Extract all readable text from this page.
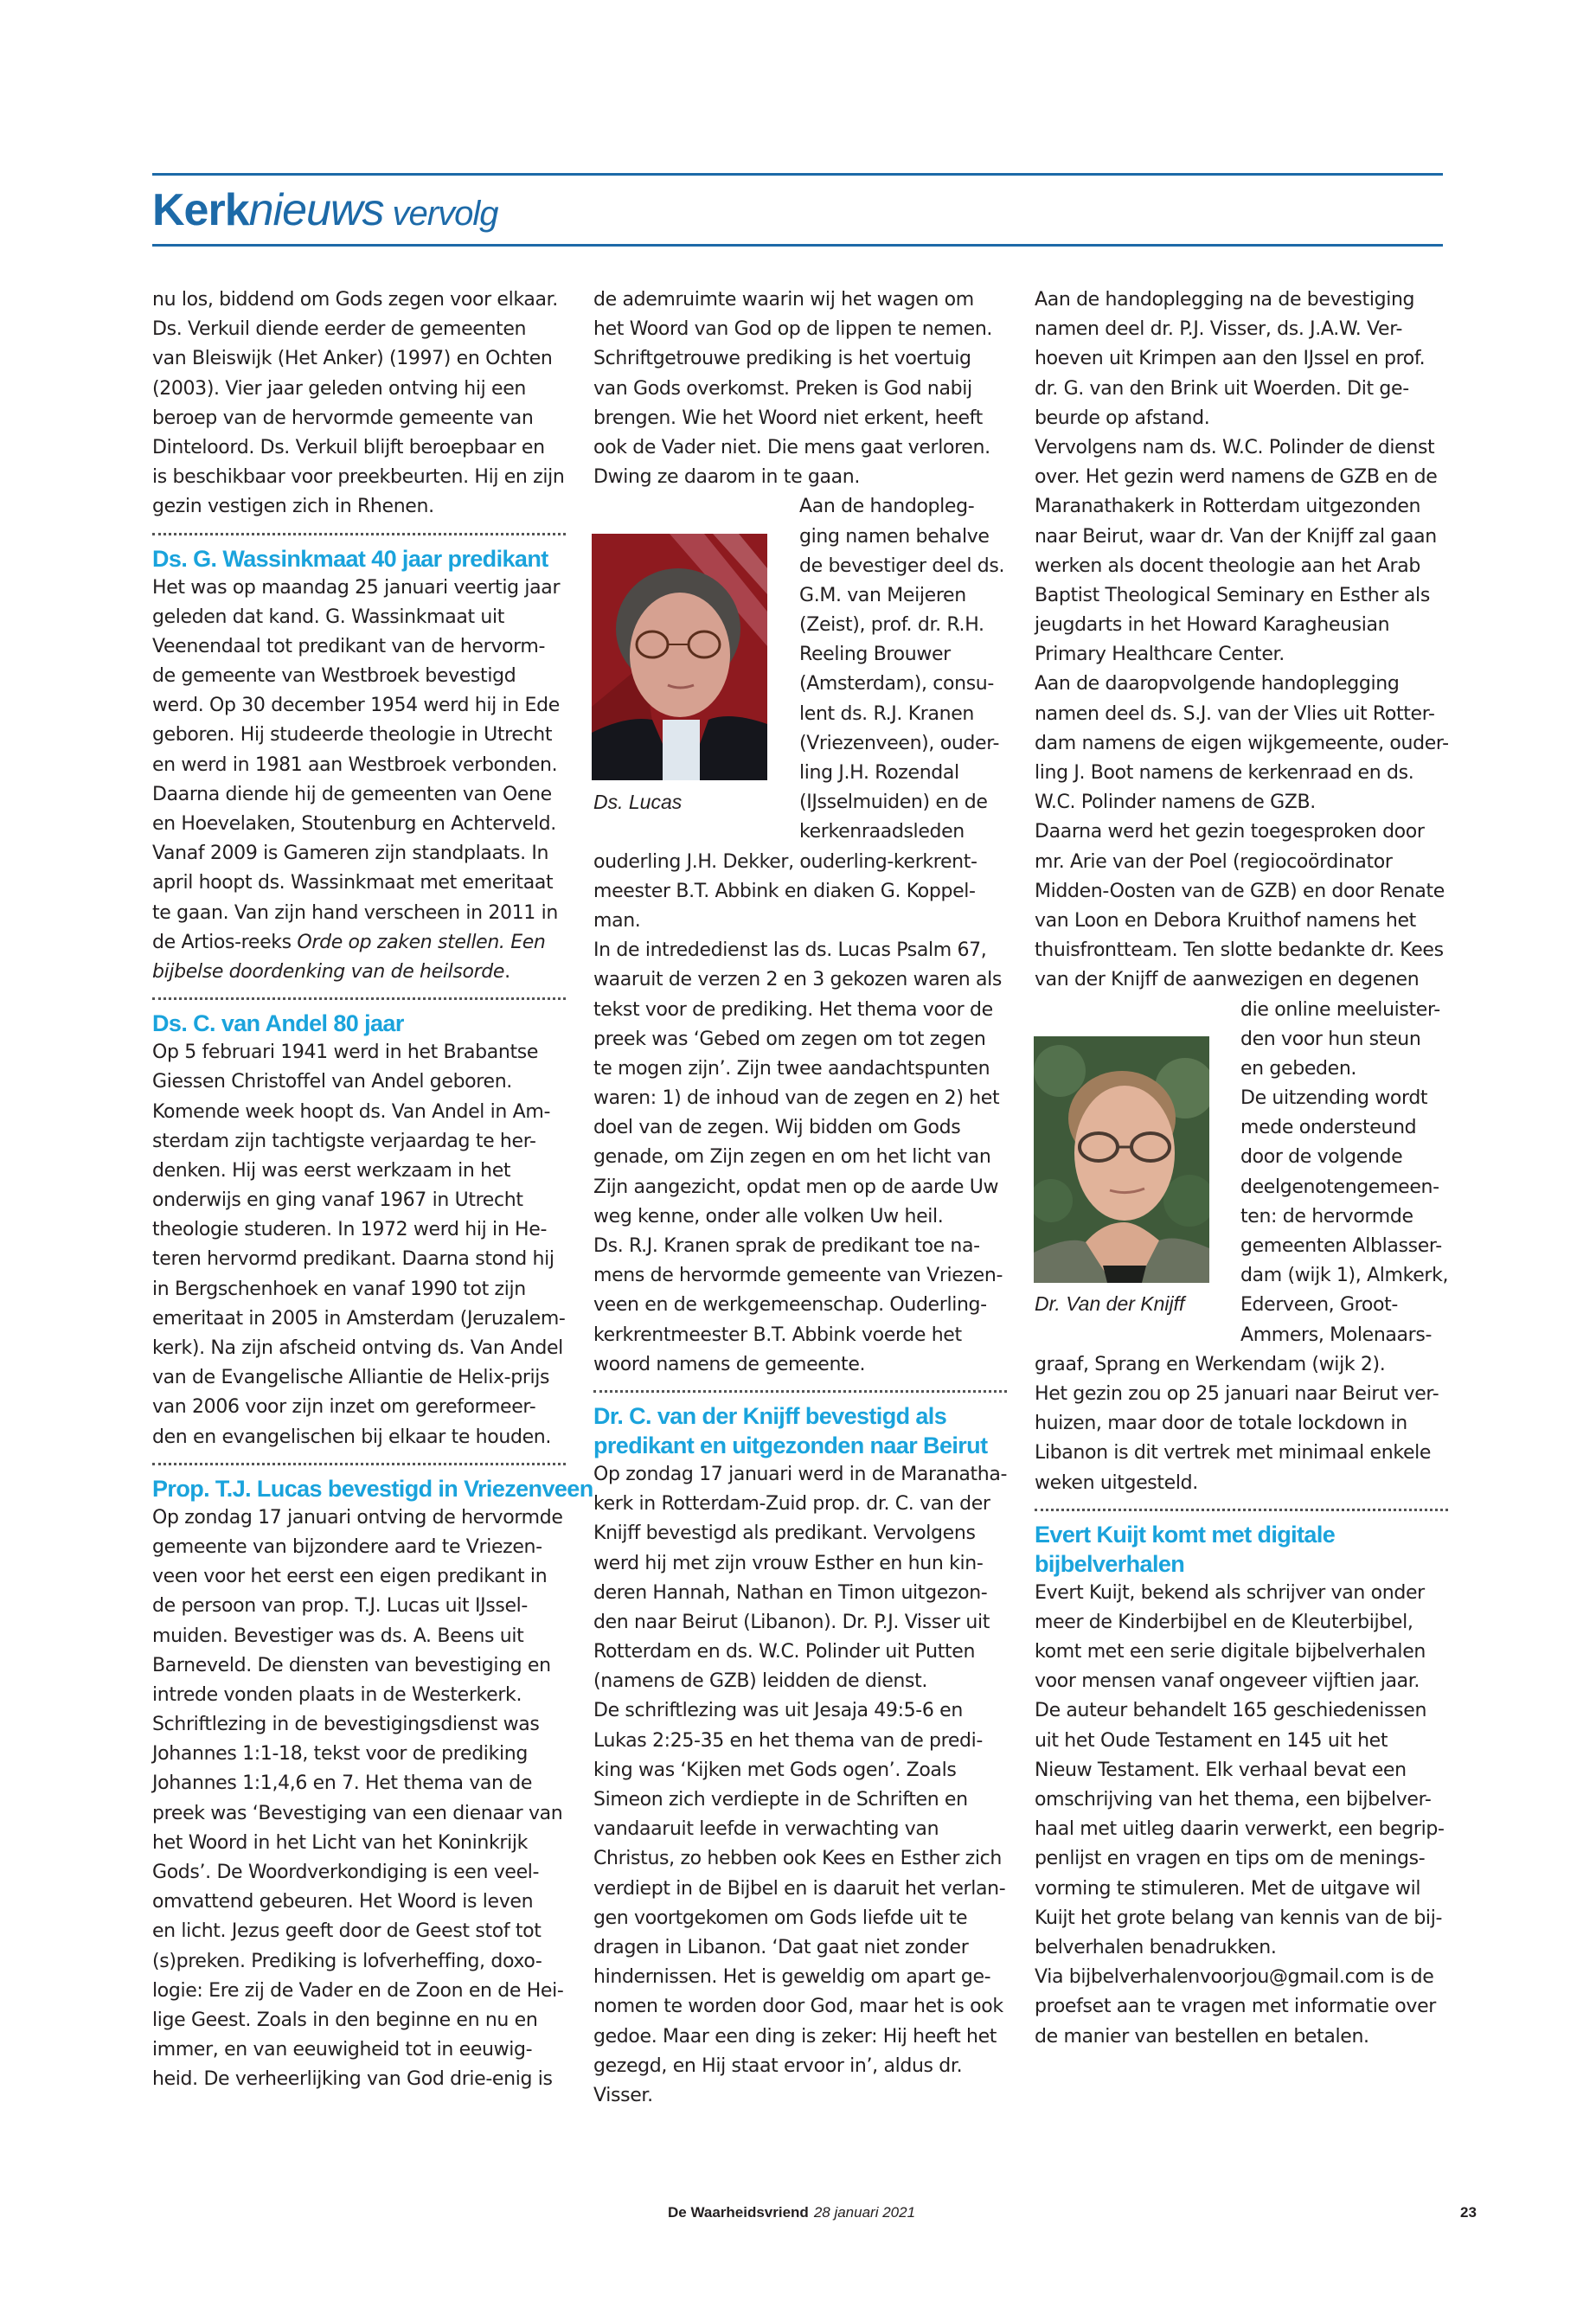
Kerknieuws vervolg

nu los, biddend om Gods zegen voor elkaar.
Ds. Verkuil diende eerder de gemeenten
van Bleiswijk (Het Anker) (1997) en Ochten
(2003). Vier jaar geleden ontving hij een
beroep van de hervormde gemeente van
Dinteloord. Ds. Verkuil blijft beroepbaar en
is beschikbaar voor preekbeurten. Hij en zijn
gezin vestigen zich in Rhenen.

Ds. G. Wassinkmaat 40 jaar predikant
Het was op maandag 25 januari veertig jaar
geleden dat kand. G. Wassinkmaat uit
Veenendaal tot predikant van de hervorm-
de gemeente van Westbroek bevestigd
werd. Op 30 december 1954 werd hij in Ede
geboren. Hij studeerde theologie in Utrecht
en werd in 1981 aan Westbroek verbonden.
Daarna diende hij de gemeenten van Oene
en Hoevelaken, Stoutenburg en Achterveld.
Vanaf 2009 is Gameren zijn standplaats. In
april hoopt ds. Wassinkmaat met emeritaat
te gaan. Van zijn hand verscheen in 2011 in
de Artios-reeks Orde op zaken stellen. Een
bijbelse doordenking van de heilsorde.
Ds. C. van Andel 80 jaar
Op 5 februari 1941 werd in het Brabantse
Giessen Christoffel van Andel geboren.
Komende week hoopt ds. Van Andel in Am-
sterdam zijn tachtigste verjaardag te her-
denken. Hij was eerst werkzaam in het
onderwijs en ging vanaf 1967 in Utrecht
theologie studeren. In 1972 werd hij in He-
teren hervormd predikant. Daarna stond hij
in Bergschenhoek en vanaf 1990 tot zijn
emeritaat in 2005 in Amsterdam (Jeruzalem-
kerk). Na zijn afscheid ontving ds. Van Andel
van de Evangelische Alliantie de Helix-prijs
van 2006 voor zijn inzet om gereformeer-
den en evangelischen bij elkaar te houden.
Prop. T.J. Lucas bevestigd in Vriezenveen
Op zondag 17 januari ontving de hervormde
gemeente van bijzondere aard te Vriezen-
veen voor het eerst een eigen predikant in
de persoon van prop. T.J. Lucas uit IJssel-
muiden. Bevestiger was ds. A. Beens uit
Barneveld. De diensten van bevestiging en
intrede vonden plaats in de Westerkerk.
Schriftlezing in de bevestigingsdienst was
Johannes 1:1-18, tekst voor de prediking
Johannes 1:1,4,6 en 7. Het thema van de
preek was ‘Bevestiging van een dienaar van
het Woord in het Licht van het Koninkrijk
Gods’. De Woordverkondiging is een veel-
omvattend gebeuren. Het Woord is leven
en licht. Jezus geeft door de Geest stof tot
(s)preken. Prediking is lofverheffing, doxo-
logie: Ere zij de Vader en de Zoon en de Hei-
lige Geest. Zoals in den beginne en nu en
immer, en van eeuwigheid tot in eeuwig-
heid. De verheerlijking van God drie-enig is
de ademruimte waarin wij het wagen om
het Woord van God op de lippen te nemen.
Schriftgetrouwe prediking is het voertuig
van Gods overkomst. Preken is God nabij
brengen. Wie het Woord niet erkent, heeft
ook de Vader niet. Die mens gaat verloren.
Dwing ze daarom in te gaan.
Aan de handopleg-
ging namen behalve
de bevestiger deel ds.
G.M. van Meijeren
(Zeist), prof. dr. R.H.
Reeling Brouwer
(Amsterdam), consu-
lent ds. R.J. Kranen
(Vriezenveen), ouder-
ling J.H. Rozendal
(IJsselmuiden) en de
kerkenraadsleden
ouderling J.H. Dekker, ouderling-kerkrent-
meester B.T. Abbink en diaken G. Koppel-
man.
In de intrededienst las ds. Lucas Psalm 67,
waaruit de verzen 2 en 3 gekozen waren als
tekst voor de prediking. Het thema voor de
preek was ‘Gebed om zegen om tot zegen
te mogen zijn’. Zijn twee aandachtspunten
waren: 1) de inhoud van de zegen en 2) het
doel van de zegen. Wij bidden om Gods
genade, om Zijn zegen en om het licht van
Zijn aangezicht, opdat men op de aarde Uw
weg kenne, onder alle volken Uw heil.
Ds. R.J. Kranen sprak de predikant toe na-
mens de hervormde gemeente van Vriezen-
veen en de werkgemeenschap. Ouderling-
kerkrentmeester B.T. Abbink voerde het
woord namens de gemeente.
Dr. C. van der Knijff bevestigd als
predikant en uitgezonden naar Beirut
Op zondag 17 januari werd in de Maranatha-
kerk in Rotterdam-Zuid prop. dr. C. van der
Knijff bevestigd als predikant. Vervolgens
werd hij met zijn vrouw Esther en hun kin-
deren Hannah, Nathan en Timon uitgezon-
den naar Beirut (Libanon). Dr. P.J. Visser uit
Rotterdam en ds. W.C. Polinder uit Putten
(namens de GZB) leidden de dienst.
De schriftlezing was uit Jesaja 49:5-6 en
Lukas 2:25-35 en het thema van de predi-
king was ‘Kijken met Gods ogen’. Zoals
Simeon zich verdiepte in de Schriften en
vandaaruit leefde in verwachting van
Christus, zo hebben ook Kees en Esther zich
verdiept in de Bijbel en is daaruit het verlan-
gen voortgekomen om Gods liefde uit te
dragen in Libanon. ‘Dat gaat niet zonder
hindernissen. Het is geweldig om apart ge-
nomen te worden door God, maar het is ook
gedoe. Maar een ding is zeker: Hij heeft het
gezegd, en Hij staat ervoor in’, aldus dr.
Visser.
Ds. Lucas
Aan de handoplegging na de bevestiging
namen deel dr. P.J. Visser, ds. J.A.W. Ver-
hoeven uit Krimpen aan den IJssel en prof.
dr. G. van den Brink uit Woerden. Dit ge-
beurde op afstand.
Vervolgens nam ds. W.C. Polinder de dienst
over. Het gezin werd namens de GZB en de
Maranathakerk in Rotterdam uitgezonden
naar Beirut, waar dr. Van der Knijff zal gaan
werken als docent theologie aan het Arab
Baptist Theological Seminary en Esther als
jeugdarts in het Howard Karagheusian
Primary Healthcare Center.
Aan de daaropvolgende handoplegging
namen deel ds. S.J. van der Vlies uit Rotter-
dam namens de eigen wijkgemeente, ouder-
ling J. Boot namens de kerkenraad en ds.
W.C. Polinder namens de GZB.
Daarna werd het gezin toegesproken door
mr. Arie van der Poel (regiocoördinator
Midden-Oosten van de GZB) en door Renate
van Loon en Debora Kruithof namens het
thuisfrontteam. Ten slotte bedankte dr. Kees
van der Knijff de aanwezigen en degenen
die online meeluister-
den voor hun steun
en gebeden.
De uitzending wordt
mede ondersteund
door de volgende
deelgenotengemeen-
ten: de hervormde
gemeenten Alblasser-
dam (wijk 1), Almkerk,
Ederveen, Groot-
Ammers, Molenaars-
graaf, Sprang en Werkendam (wijk 2).
Het gezin zou op 25 januari naar Beirut ver-
huizen, maar door de totale lockdown in
Libanon is dit vertrek met minimaal enkele
weken uitgesteld.
Evert Kuijt komt met digitale
bijbelverhalen
Evert Kuijt, bekend als schrijver van onder
meer de Kinderbijbel en de Kleuterbijbel,
komt met een serie digitale bijbelverhalen
voor mensen vanaf ongeveer vijftien jaar.
De auteur behandelt 165 geschiedenissen
uit het Oude Testament en 145 uit het
Nieuw Testament. Elk verhaal bevat een
omschrijving van het thema, een bijbelver-
haal met uitleg daarin verwerkt, een begrip-
penlijst en vragen en tips om de menings-
vorming te stimuleren. Met de uitgave wil
Kuijt het grote belang van kennis van de bij-
belverhalen benadrukken.
Via bijbelverhalenvoorjou@gmail.com is de
proefset aan te vragen met informatie over
de manier van bestellen en betalen.
Dr. Van der Knijff
De Waarheidsvriend 28 januari 2021	23
